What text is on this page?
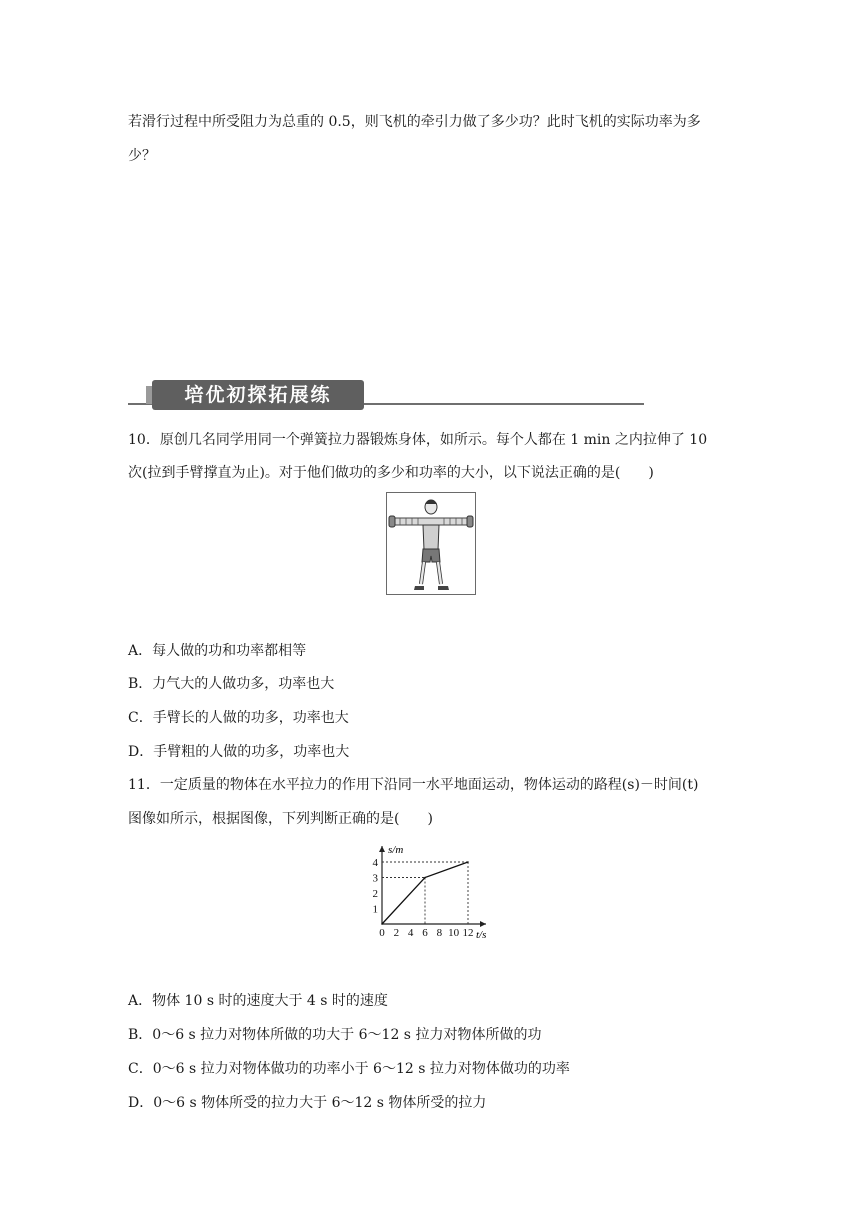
若滑行过程中所受阻力为总重的 0.5，则飞机的牵引力做了多少功？此时飞机的实际功率为多
少？
培优初探拓展练
10．原创几名同学用同一个弹簧拉力器锻炼身体，如所示。每个人都在 1 min 之内拉伸了 10
次(拉到手臂撑直为止)。对于他们做功的多少和功率的大小，以下说法正确的是(　　)
A．每人做的功和功率都相等
B．力气大的人做功多，功率也大
C．手臂长的人做的功多，功率也大
D．手臂粗的人做的功多，功率也大
11．一定质量的物体在水平拉力的作用下沿同一水平地面运动，物体运动的路程(s)－时间(t)
图像如所示，根据图像，下列判断正确的是(　　)
0 2 4 6 8 10 12
1
2
3
4
s/m
t/s
A．物体 10 s 时的速度大于 4 s 时的速度
B．0～6 s 拉力对物体所做的功大于 6～12 s 拉力对物体所做的功
C．0～6 s 拉力对物体做功的功率小于 6～12 s 拉力对物体做功的功率
D．0～6 s 物体所受的拉力大于 6～12 s 物体所受的拉力
